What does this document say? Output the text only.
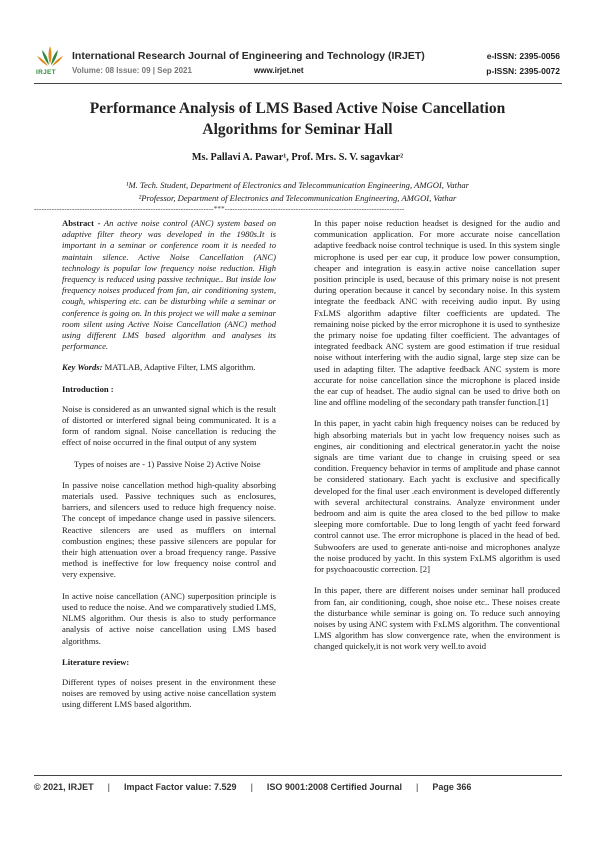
IRJET
International Research Journal of Engineering and Technology (IRJET)	e-ISSN: 2395-0056
Volume: 08 Issue: 09 | Sep 2021	www.irjet.net	p-ISSN: 2395-0072
Performance Analysis of LMS Based Active Noise Cancellation
Algorithms for Seminar Hall
Ms. Pallavi A. Pawar¹, Prof. Mrs. S. V. sagavkar²
¹M. Tech. Student, Department of Electronics and Telecommunication Engineering, AMGOI, Vathar
²Professor, Department of Electronics and Telecommunication Engineering, AMGOI, Vathar
-----------------------------------------------------------------------***-----------------------------------------------------------------------

Abstract - An active noise control (ANC) system based on adaptive filter theory was developed in the 1980s.It is important in a seminar or conference room it is needed to maintain silence. Active Noise Cancellation (ANC) technology is popular low frequency noise reduction. High frequency is reduced using passive technique.. But inside low frequency noises produced from fan, air conditioning system, cough, whispering etc. can be disturbing while a seminar or conference is going on. In this project we will make a seminar room silent using Active Noise Cancellation (ANC) method using different LMS based algorithm and analyses its performance.

Key Words: MATLAB, Adaptive Filter, LMS algorithm.

Introduction :

Noise is considered as an unwanted signal which is the result of distorted or interfered signal being communicated. It is a form of random signal. Noise cancellation is reducing the effect of noise occurred in the final output of any system

Types of noises are - 1) Passive Noise 2) Active Noise

In passive noise cancellation method high-quality absorbing materials used. Passive techniques such as enclosures, barriers, and silencers used to reduce high frequency noise. The concept of impedance change used in passive silencers. Reactive silencers are used as mufflers on internal combustion engines; these passive silencers are popular for their high attenuation over a broad frequency range. Passive method is ineffective for low frequency noise control and very expensive.

In active noise cancellation (ANC) superposition principle is used to reduce the noise. And we comparatively studied LMS, NLMS algorithm. Our thesis is also to study performance analysis of active noise cancellation using LMS based algorithms.

Literature review:

Different types of noises present in the environment these noises are removed by using active noise cancellation system using different LMS based algorithm.

In this paper noise reduction headset is designed for the audio and communication application. For more accurate noise cancellation adaptive feedback noise control technique is used. In this system single microphone is used per ear cup, it produce low power consumption, cheaper and integration is easy.in active noise cancellation super position principle is used, because of this primary noise is not present during operation because it cancel by secondary noise. In this system integrate the feedback ANC with receiving audio input. By using FxLMS algorithm adaptive filter coefficients are updated. The remaining noise picked by the error microphone it is used to synthesize the primary noise foe updating filter coefficient. The advantages of integrated feedback ANC system are good estimation if true residual noise without interfering with the audio signal, large step size can be used in adapting filter. The adaptive feedback ANC system is more accurate for noise cancellation since the microphone is placed inside the ear cup of headset. The audio signal can be used to drive both on line and offline modeling of the secondary path transfer function.[1]

In this paper, in yacht cabin high frequency noises can be reduced by high absorbing materials but in yacht low frequency noises such as engines, air conditioning and electrical generator.in yacht the noise signals are time variant due to change in cruising speed or sea condition. Frequency behavior in terms of amplitude and phase cannot be considered stationary. Each yacht is exclusive and specifically developed for the final user .each environment is developed differently with several architectural constrains. Analyze environment under bedroom and aim is quite the area closed to the bed pillow to make sleeping more comfortable. Due to long length of yacht feed forward control cannot use. The error microphone is placed in the head of bed. Subwoofers are used to generate anti-noise and microphones analyze the noise produced by yacht. In this system FxLMS algorithm is used for psychoacoustic correction. [2]

In this paper, there are different noises under seminar hall produced from fan, air conditioning, cough, shoe noise etc.. These noises create the disturbance while seminar is going on. To reduce such annoying noises by using ANC system with FxLMS algorithm. The conventional LMS algorithm has slow convergence rate, when the environment is changed quickely,it is not work very well.to avoid

© 2021, IRJET | Impact Factor value: 7.529 | ISO 9001:2008 Certified Journal | Page 366
